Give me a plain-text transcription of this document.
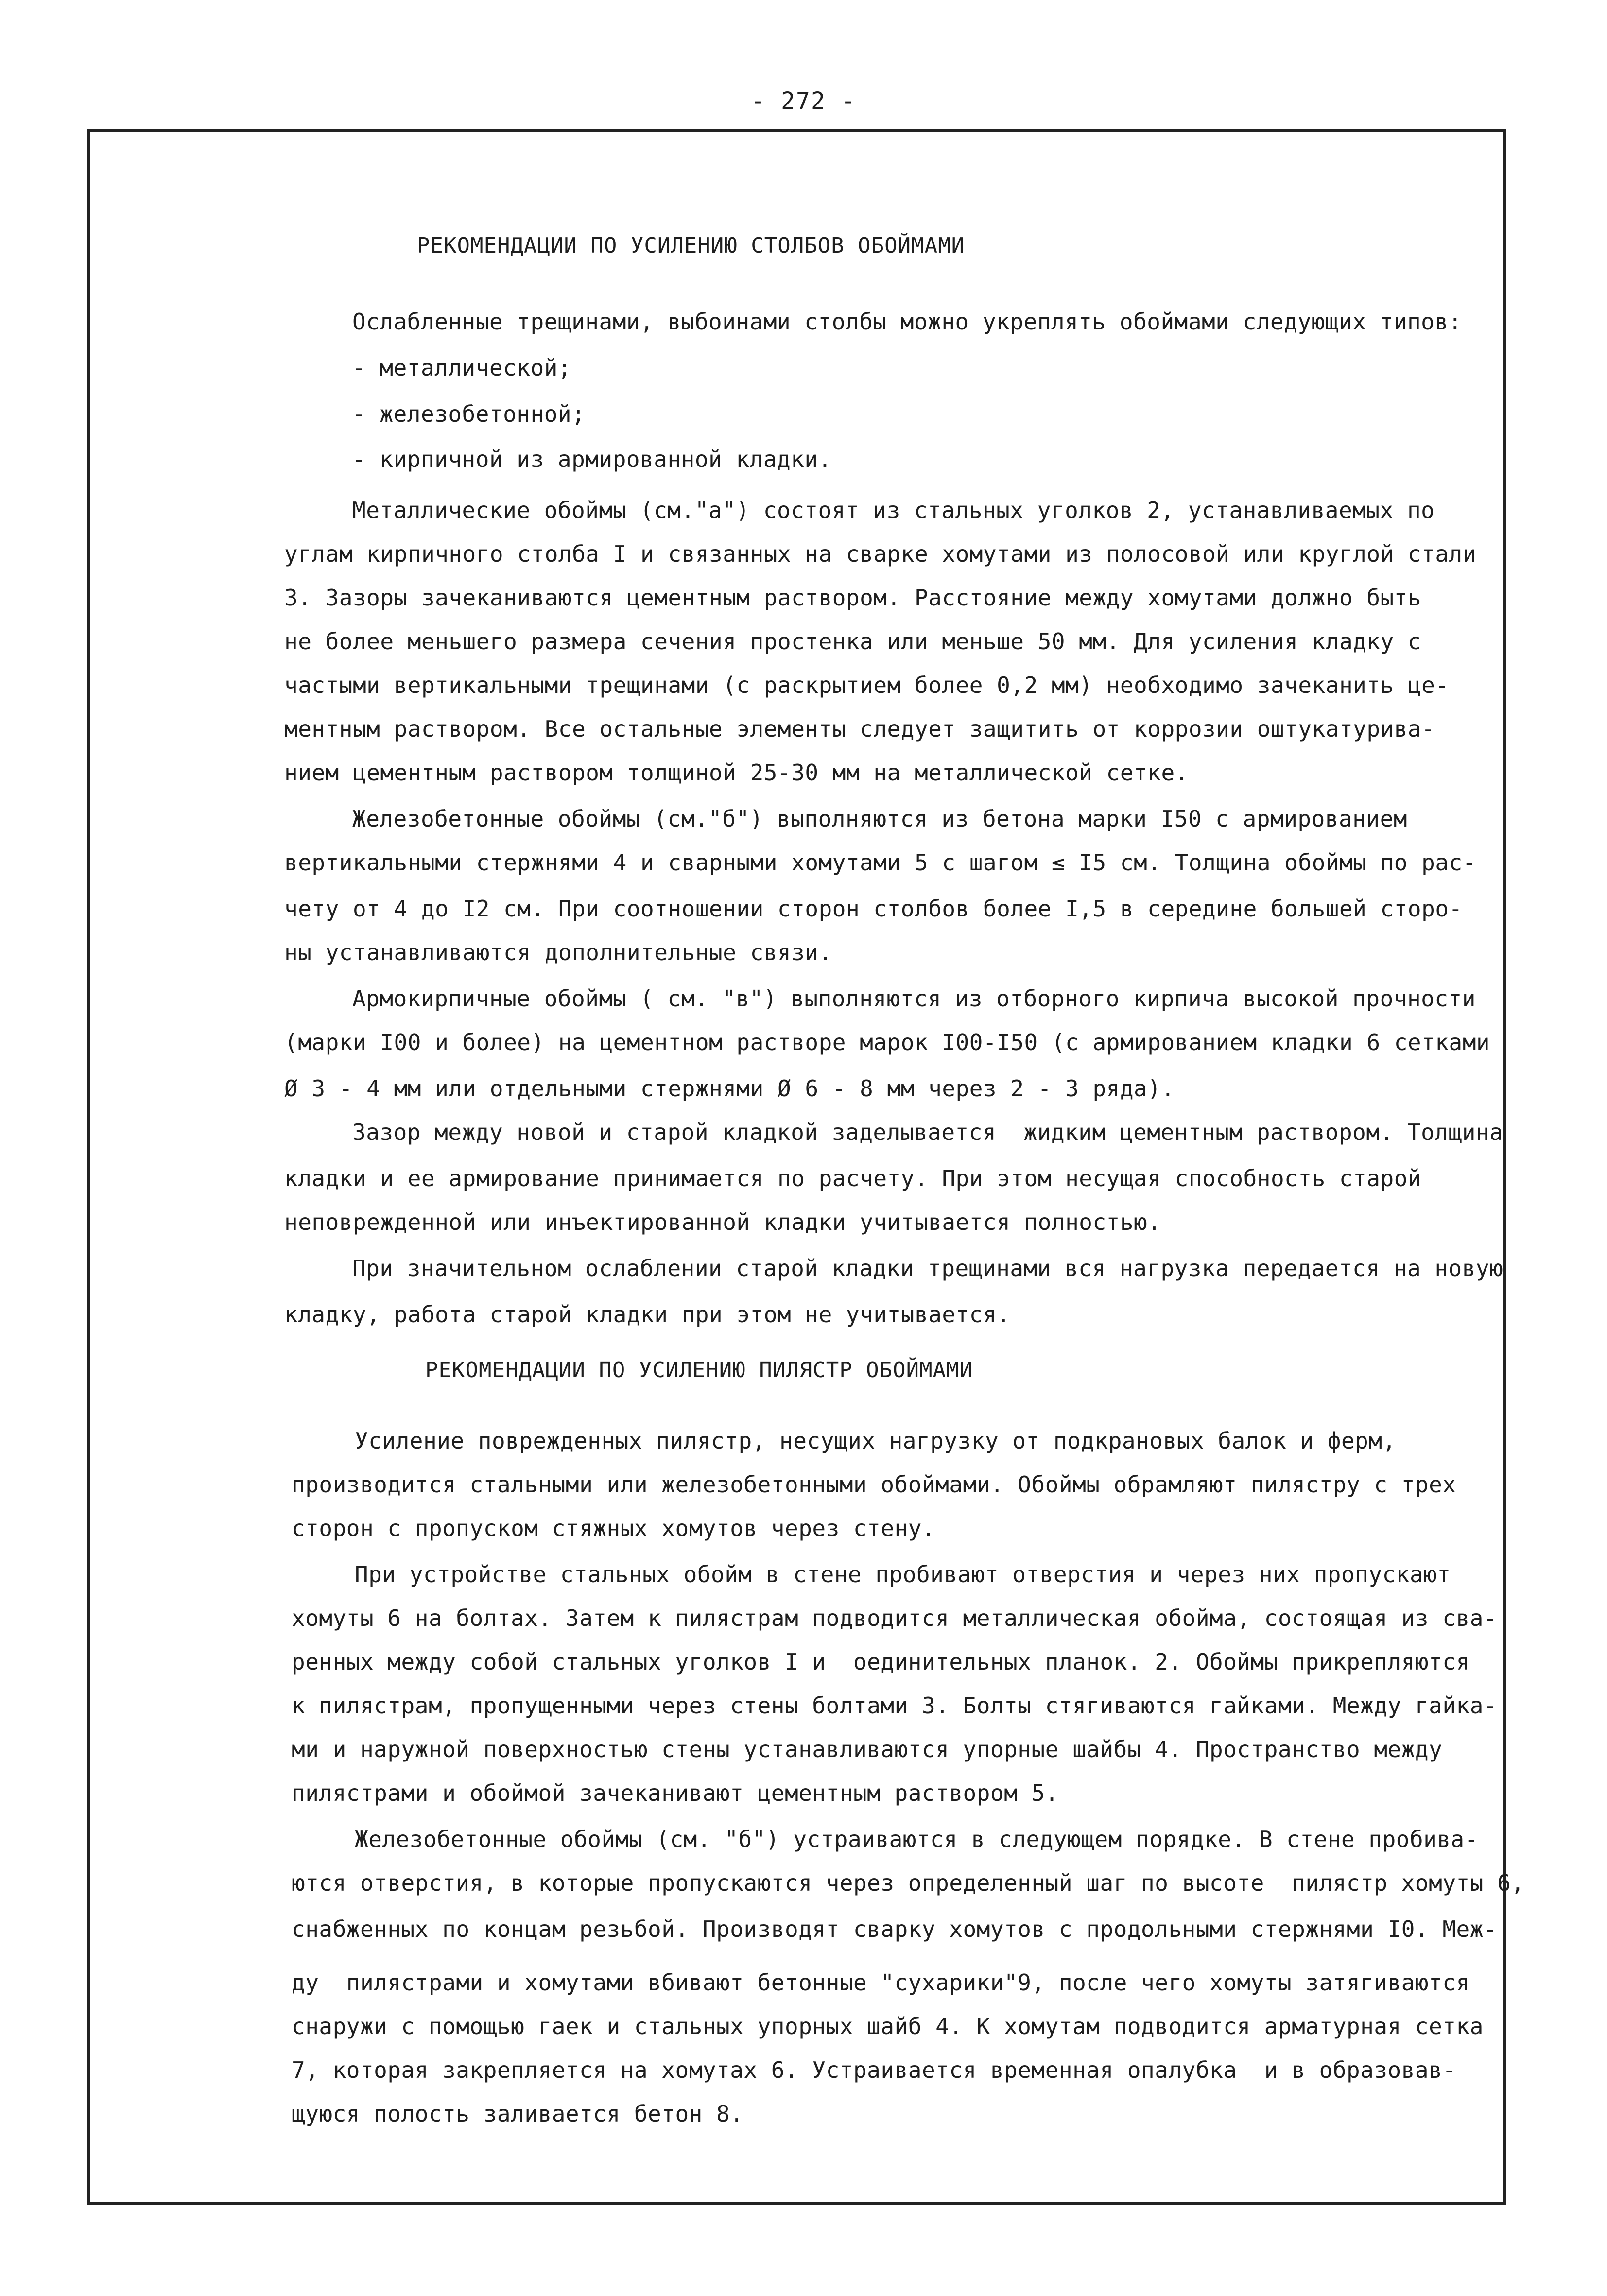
- 272 -
РЕКОМЕНДАЦИИ ПО УСИЛЕНИЮ СТОЛБОВ ОБОЙМАМИ
Ослабленные трещинами, выбоинами столбы можно укреплять обоймами следующих типов:
- металлической;
- железобетонной;
- кирпичной из армированной кладки.
Металлические обоймы (см."а") состоят из стальных уголков 2, устанавливаемых по
углам кирпичного столба I и связанных на сварке хомутами из полосовой или круглой стали
3. Зазоры зачеканиваются цементным раствором. Расстояние между хомутами должно быть
не более меньшего размера сечения простенка или меньше 50 мм. Для усиления кладку с
частыми вертикальными трещинами (с раскрытием более 0,2 мм) необходимо зачеканить це-
ментным раствором. Все остальные элементы следует защитить от коррозии оштукатурива-
нием цементным раствором толщиной 25-30 мм на металлической сетке.
Железобетонные обоймы (см."б") выполняются из бетона марки I50 с армированием
вертикальными стержнями 4 и сварными хомутами 5 с шагом ≤ I5 см. Толщина обоймы по рас-
чету от 4 до I2 см. При соотношении сторон столбов более I,5 в середине большей сторо-
ны устанавливаются дополнительные связи.
Армокирпичные обоймы ( см. "в") выполняются из отборного кирпича высокой прочности
(марки I00 и более) на цементном растворе марок I00-I50 (с армированием кладки 6 сетками
Ø 3 - 4 мм или отдельными стержнями Ø 6 - 8 мм через 2 - 3 ряда).
Зазор между новой и старой кладкой заделывается  жидким цементным раствором. Толщина
кладки и ее армирование принимается по расчету. При этом несущая способность старой
неповрежденной или инъектированной кладки учитывается полностью.
При значительном ослаблении старой кладки трещинами вся нагрузка передается на новую
кладку, работа старой кладки при этом не учитывается.
РЕКОМЕНДАЦИИ ПО УСИЛЕНИЮ ПИЛЯСТР ОБОЙМАМИ
Усиление поврежденных пилястр, несущих нагрузку от подкрановых балок и ферм,
производится стальными или железобетонными обоймами. Обоймы обрамляют пилястру с трех
сторон с пропуском стяжных хомутов через стену.
При устройстве стальных обойм в стене пробивают отверстия и через них пропускают
хомуты 6 на болтах. Затем к пилястрам подводится металлическая обойма, состоящая из сва-
ренных между собой стальных уголков I и  оединительных планок. 2. Обоймы прикрепляются
к пилястрам, пропущенными через стены болтами 3. Болты стягиваются гайками. Между гайка-
ми и наружной поверхностью стены устанавливаются упорные шайбы 4. Пространство между
пилястрами и обоймой зачеканивают цементным раствором 5.
Железобетонные обоймы (см. "б") устраиваются в следующем порядке. В стене пробива-
ются отверстия, в которые пропускаются через определенный шаг по высоте  пилястр хомуты 6,
снабженных по концам резьбой. Производят сварку хомутов с продольными стержнями I0. Меж-
ду  пилястрами и хомутами вбивают бетонные "сухарики"9, после чего хомуты затягиваются
снаружи с помощью гаек и стальных упорных шайб 4. К хомутам подводится арматурная сетка
7, которая закрепляется на хомутах 6. Устраивается временная опалубка  и в образовав-
щуюся полость заливается бетон 8.
